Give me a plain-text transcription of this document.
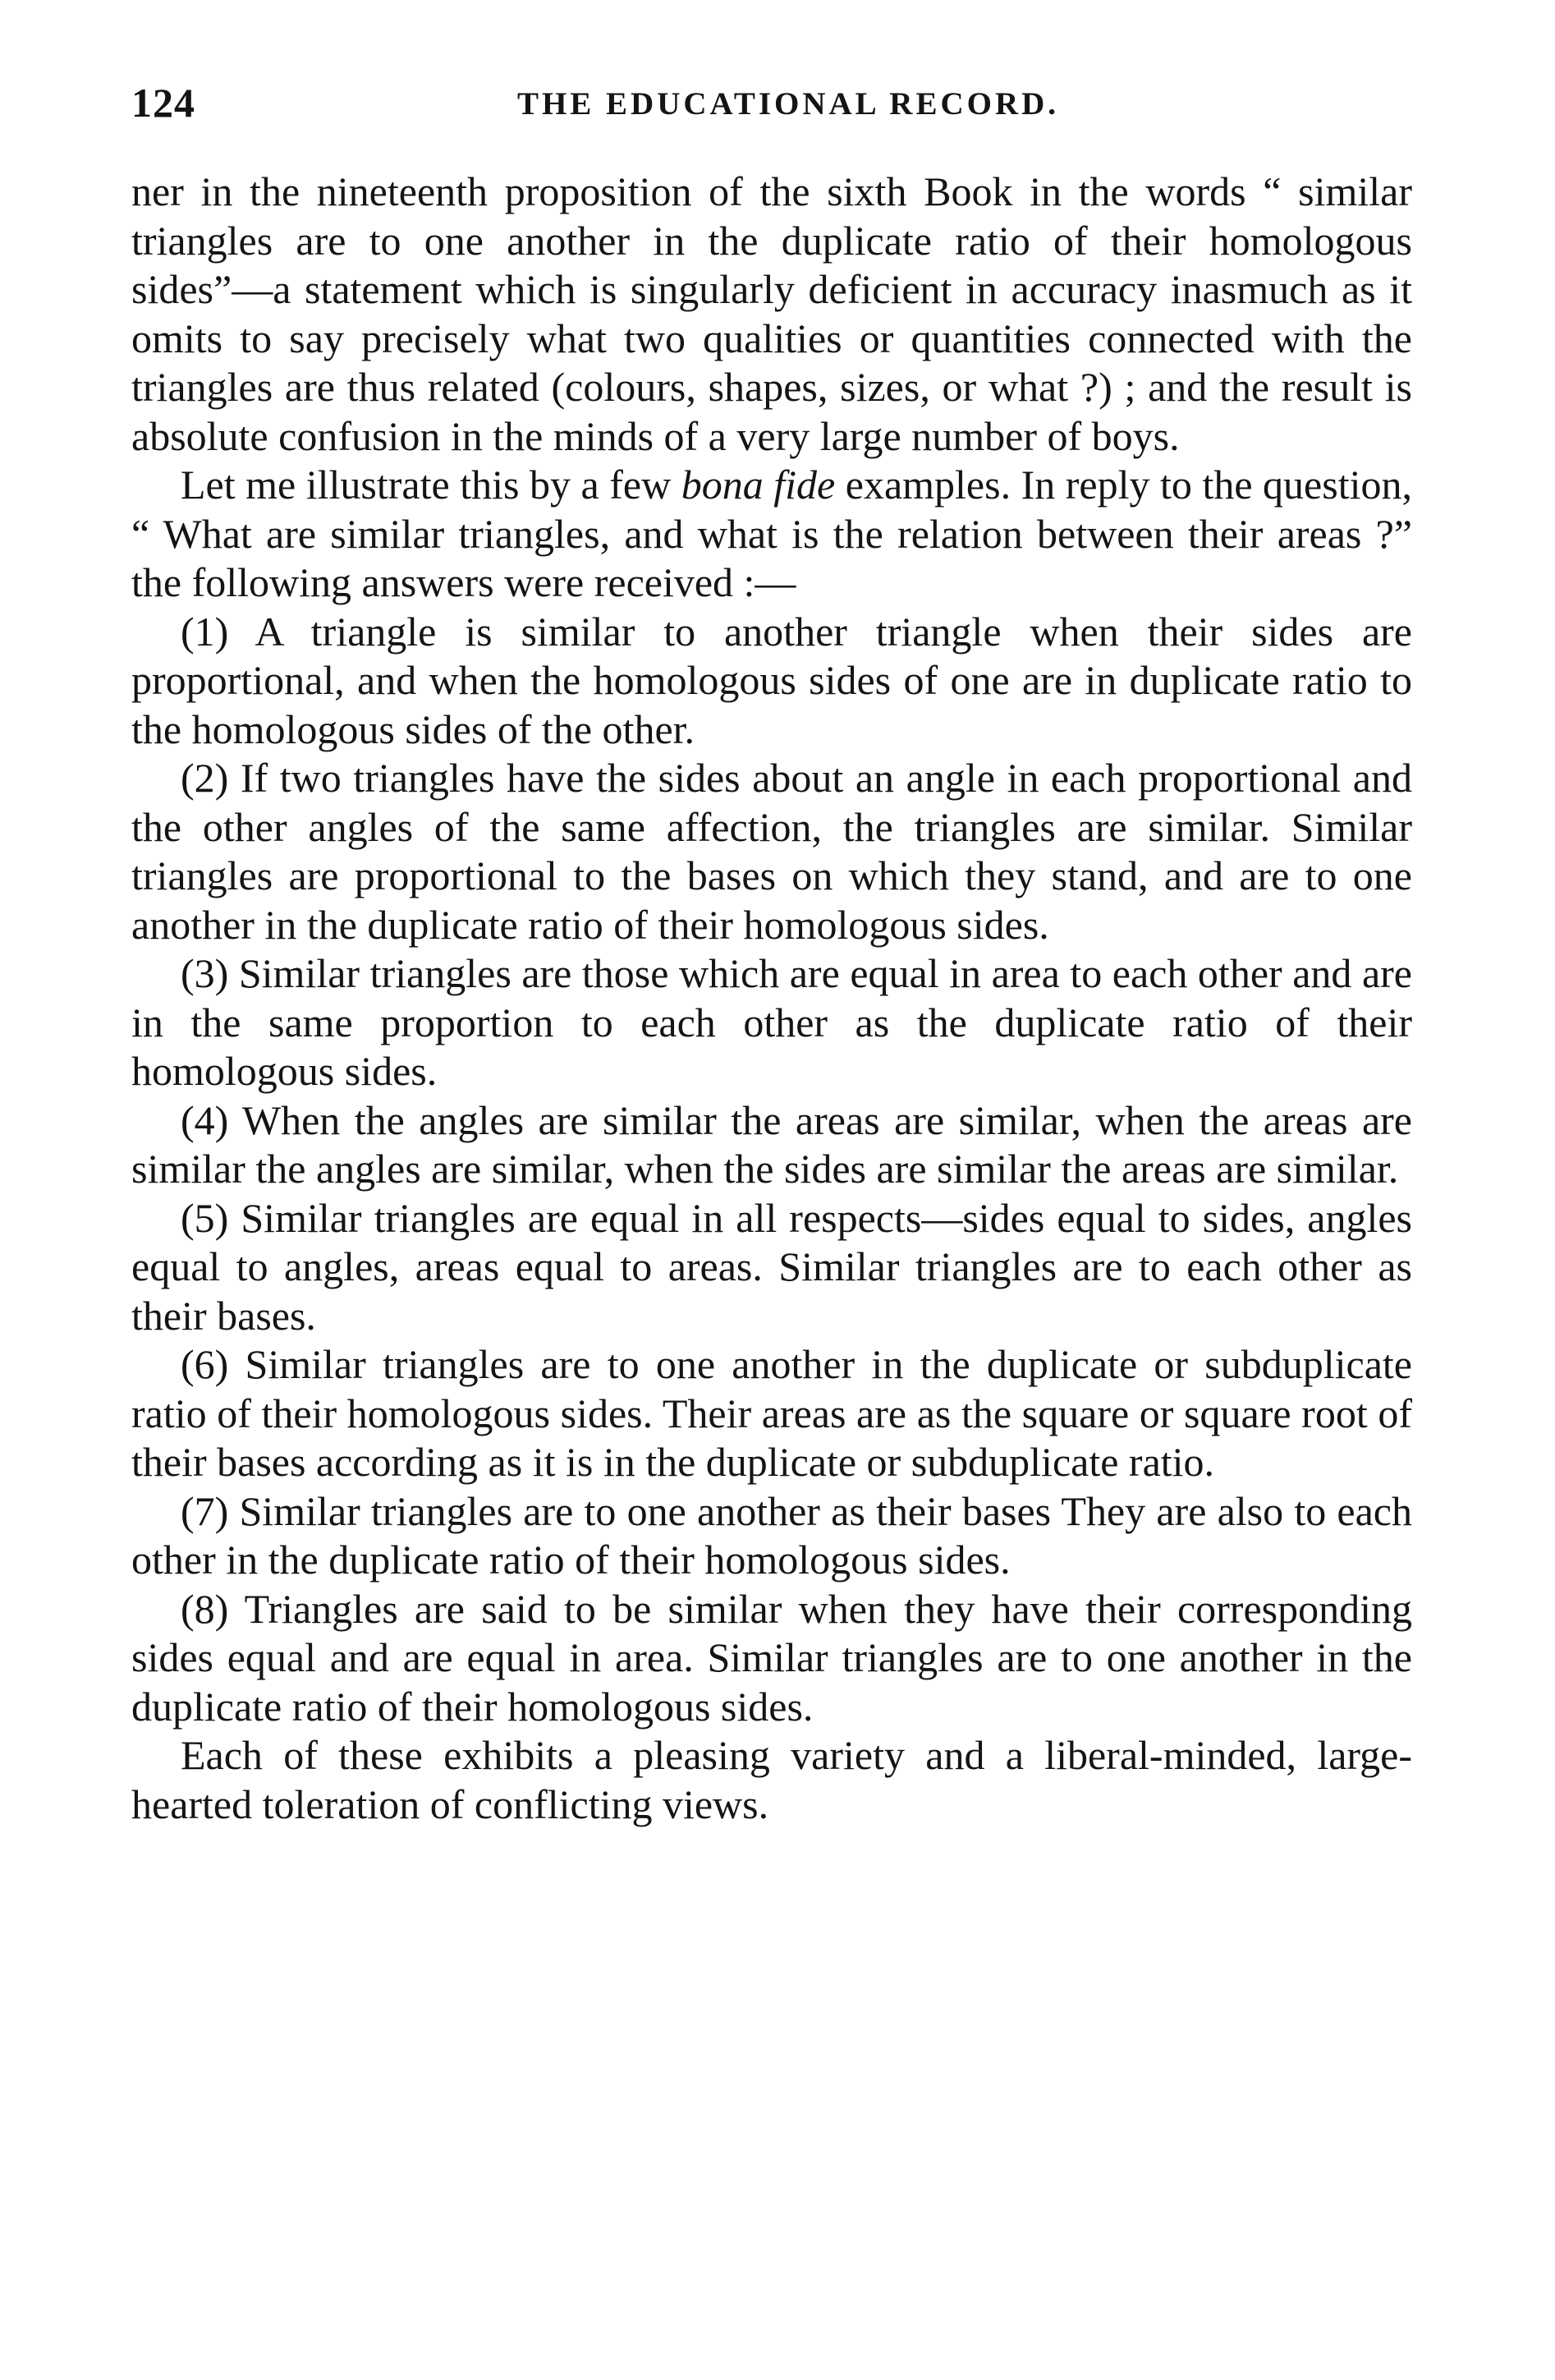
124	THE EDUCATIONAL RECORD.

ner in the nineteenth proposition of the sixth Book in the words “ similar triangles are to one another in the duplicate ratio of their homologous sides”—a statement which is singularly deficient in accuracy inasmuch as it omits to say precisely what two qualities or quantities connected with the triangles are thus related (colours, shapes, sizes, or what ?) ; and the result is absolute confusion in the minds of a very large number of boys.

Let me illustrate this by a few bona fide examples. In reply to the question, “ What are similar triangles, and what is the relation between their areas ?” the following answers were received :—

(1) A triangle is similar to another triangle when their sides are proportional, and when the homologous sides of one are in duplicate ratio to the homologous sides of the other.

(2) If two triangles have the sides about an angle in each proportional and the other angles of the same affection, the triangles are similar. Similar triangles are proportional to the bases on which they stand, and are to one another in the duplicate ratio of their homologous sides.

(3) Similar triangles are those which are equal in area to each other and are in the same proportion to each other as the duplicate ratio of their homologous sides.

(4) When the angles are similar the areas are similar, when the areas are similar the angles are similar, when the sides are similar the areas are similar.

(5) Similar triangles are equal in all respects—sides equal to sides, angles equal to angles, areas equal to areas. Similar triangles are to each other as their bases.

(6) Similar triangles are to one another in the duplicate or subduplicate ratio of their homologous sides. Their areas are as the square or square root of their bases according as it is in the duplicate or subduplicate ratio.

(7) Similar triangles are to one another as their bases They are also to each other in the duplicate ratio of their homologous sides.

(8) Triangles are said to be similar when they have their corresponding sides equal and are equal in area. Similar triangles are to one another in the duplicate ratio of their homologous sides.

Each of these exhibits a pleasing variety and a liberal-minded, large-hearted toleration of conflicting views.
